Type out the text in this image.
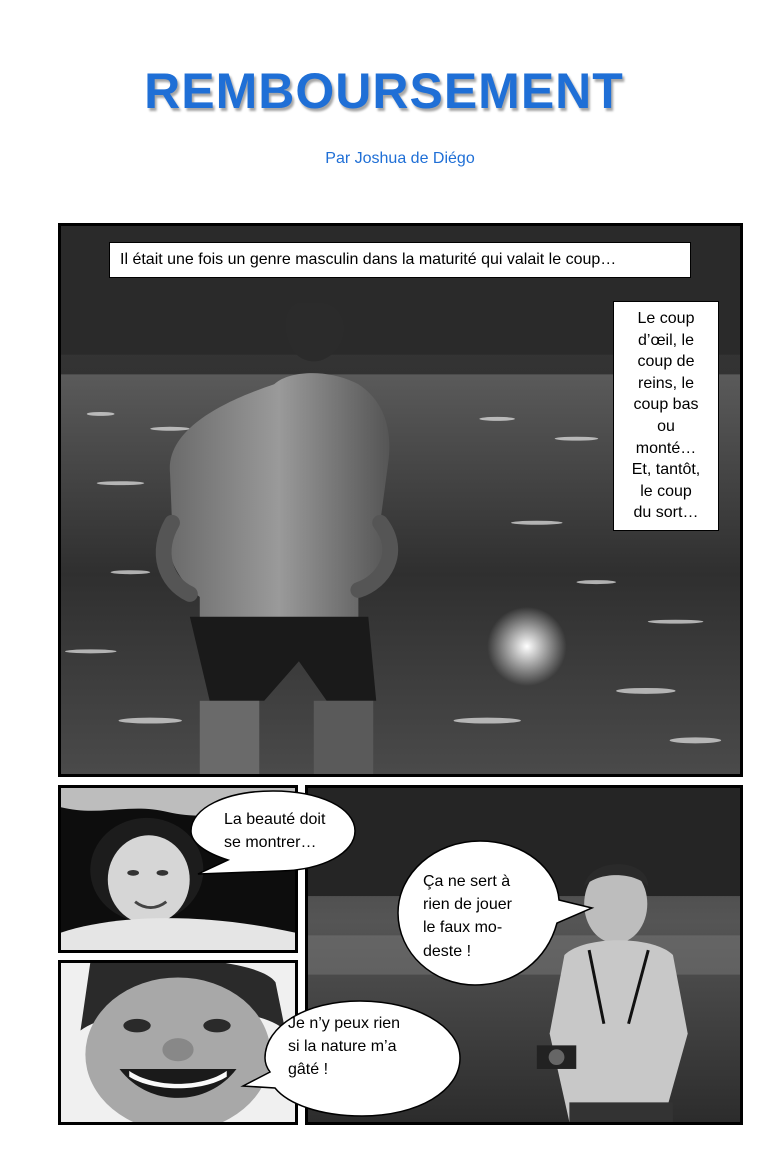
REMBOURSEMENT
Par Joshua de Diégo
Il était une fois un genre masculin dans la maturité qui valait le coup…
Le coup
d’œil, le
coup de
reins, le
coup bas
ou
monté…
Et, tantôt,
le coup
du sort…
La beauté doit
se montrer…
Ça ne sert à
rien de jouer
le faux mo-
deste !
Je n’y peux rien
si la nature m’a
gâté !
